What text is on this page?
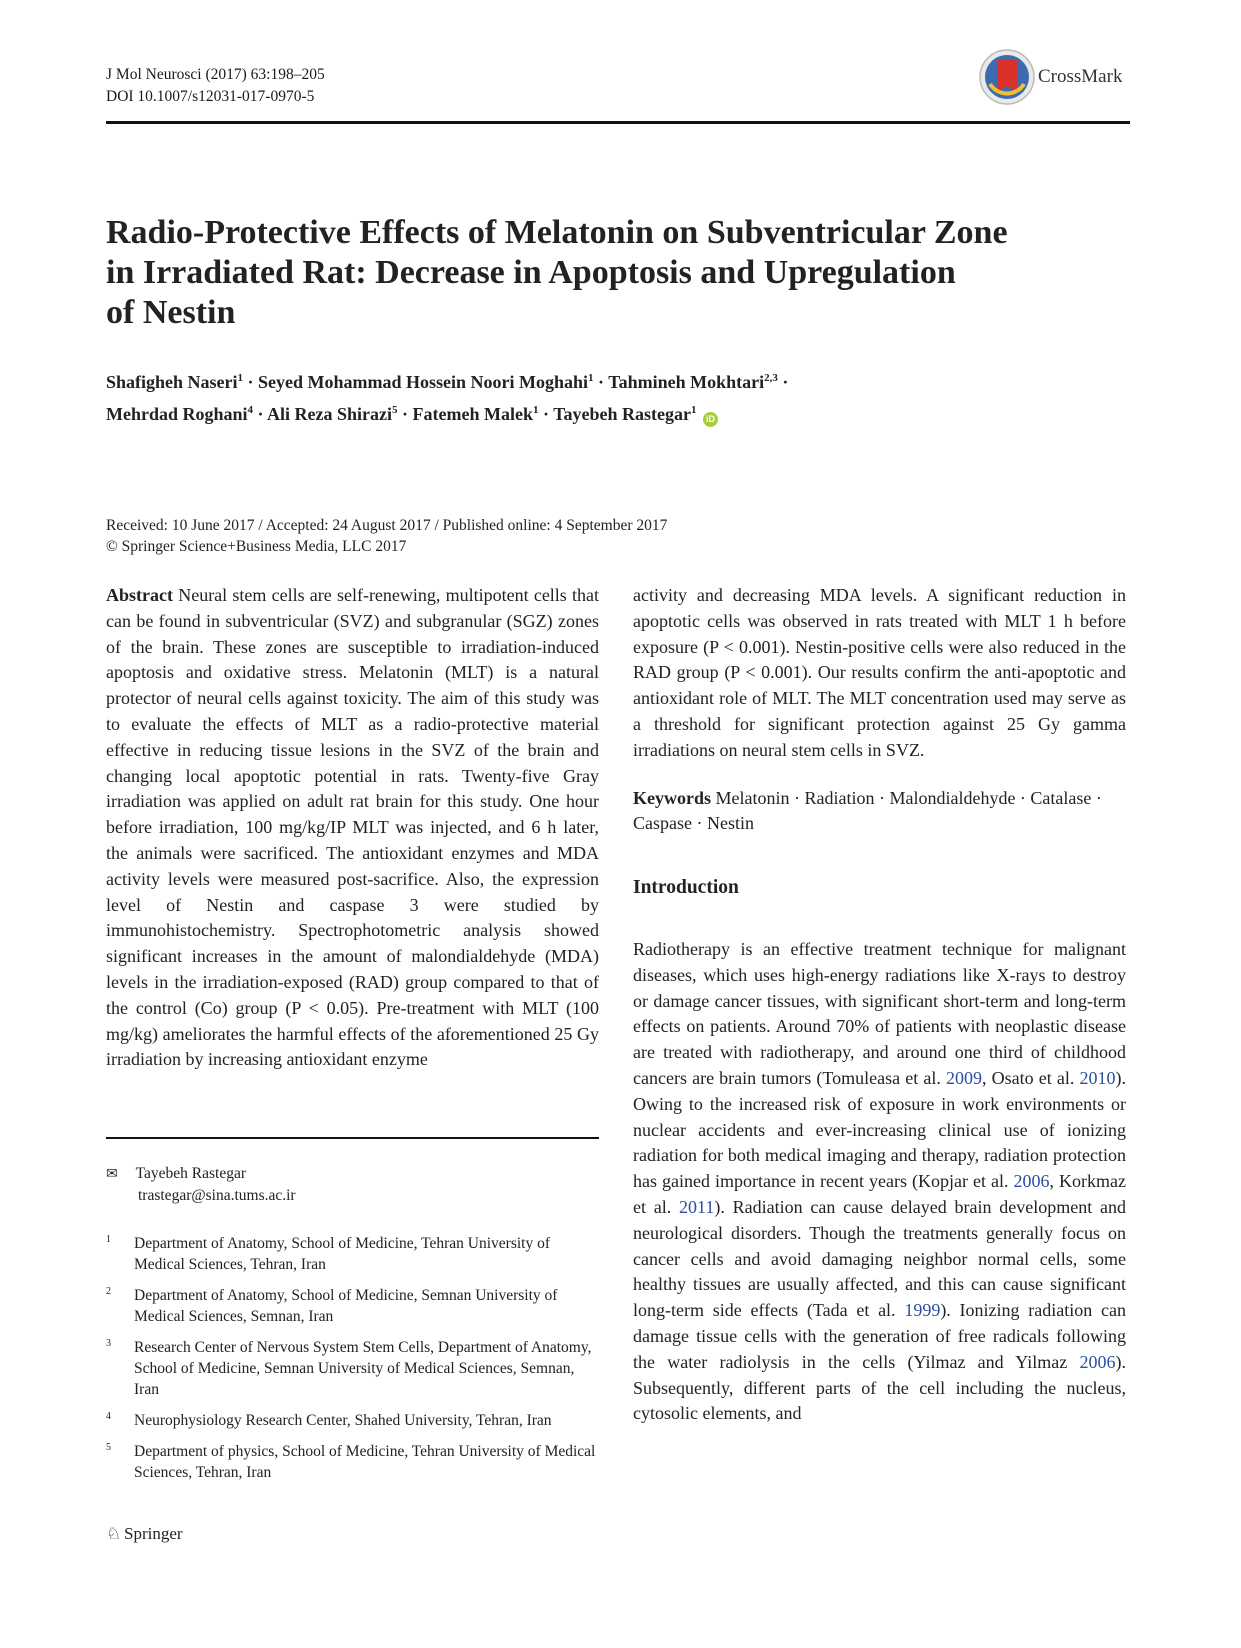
J Mol Neurosci (2017) 63:198–205
DOI 10.1007/s12031-017-0970-5
CrossMark
Radio-Protective Effects of Melatonin on Subventricular Zone
in Irradiated Rat: Decrease in Apoptosis and Upregulation
of Nestin
Shafigheh Naseri$^1$ · Seyed Mohammad Hossein Noori Moghahi$^1$ · Tahmineh Mokhtari$^{2,3}$ ·
Mehrdad Roghani$^4$ · Ali Reza Shirazi$^5$ · Fatemeh Malek$^1$ · Tayebeh Rastegar$^1$ iD
Received: 10 June 2017 / Accepted: 24 August 2017 / Published online: 4 September 2017
© Springer Science+Business Media, LLC 2017

Abstract Neural stem cells are self-renewing, multipotent cells that can be found in subventricular (SVZ) and subgranular (SGZ) zones of the brain. These zones are susceptible to irradiation-induced apoptosis and oxidative stress. Melatonin (MLT) is a natural protector of neural cells against toxicity. The aim of this study was to evaluate the effects of MLT as a radio-protective material effective in reducing tissue lesions in the SVZ of the brain and changing local apoptotic potential in rats. Twenty-five Gray irradiation was applied on adult rat brain for this study. One hour before irradiation, 100 mg/kg/IP MLT was injected, and 6 h later, the animals were sacrificed. The antioxidant enzymes and MDA activity levels were measured post-sacrifice. Also, the expression level of Nestin and caspase 3 were studied by immunohistochemistry. Spectrophotometric analysis showed significant increases in the amount of malondialdehyde (MDA) levels in the irradiation-exposed (RAD) group compared to that of the control (Co) group (P < 0.05). Pre-treatment with MLT (100 mg/kg) ameliorates the harmful effects of the aforementioned 25 Gy irradiation by increasing antioxidant enzyme

✉ Tayebeh Rastegar
trastegar@sina.tums.ac.ir
1 Department of Anatomy, School of Medicine, Tehran University of Medical Sciences, Tehran, Iran
2 Department of Anatomy, School of Medicine, Semnan University of Medical Sciences, Semnan, Iran
3 Research Center of Nervous System Stem Cells, Department of Anatomy, School of Medicine, Semnan University of Medical Sciences, Semnan, Iran
4 Neurophysiology Research Center, Shahed University, Tehran, Iran
5 Department of physics, School of Medicine, Tehran University of Medical Sciences, Tehran, Iran

activity and decreasing MDA levels. A significant reduction in apoptotic cells was observed in rats treated with MLT 1 h before exposure (P < 0.001). Nestin-positive cells were also reduced in the RAD group (P < 0.001). Our results confirm the anti-apoptotic and antioxidant role of MLT. The MLT concentration used may serve as a threshold for significant protection against 25 Gy gamma irradiations on neural stem cells in SVZ.

Keywords Melatonin · Radiation · Malondialdehyde · Catalase · Caspase · Nestin

Introduction

Radiotherapy is an effective treatment technique for malignant diseases, which uses high-energy radiations like X-rays to destroy or damage cancer tissues, with significant short-term and long-term effects on patients. Around 70% of patients with neoplastic disease are treated with radiotherapy, and around one third of childhood cancers are brain tumors (Tomuleasa et al. 2009, Osato et al. 2010). Owing to the increased risk of exposure in work environments or nuclear accidents and ever-increasing clinical use of ionizing radiation for both medical imaging and therapy, radiation protection has gained importance in recent years (Kopjar et al. 2006, Korkmaz et al. 2011). Radiation can cause delayed brain development and neurological disorders. Though the treatments generally focus on cancer cells and avoid damaging neighbor normal cells, some healthy tissues are usually affected, and this can cause significant long-term side effects (Tada et al. 1999). Ionizing radiation can damage tissue cells with the generation of free radicals following the water radiolysis in the cells (Yilmaz and Yilmaz 2006). Subsequently, different parts of the cell including the nucleus, cytosolic elements, and

♘ Springer
